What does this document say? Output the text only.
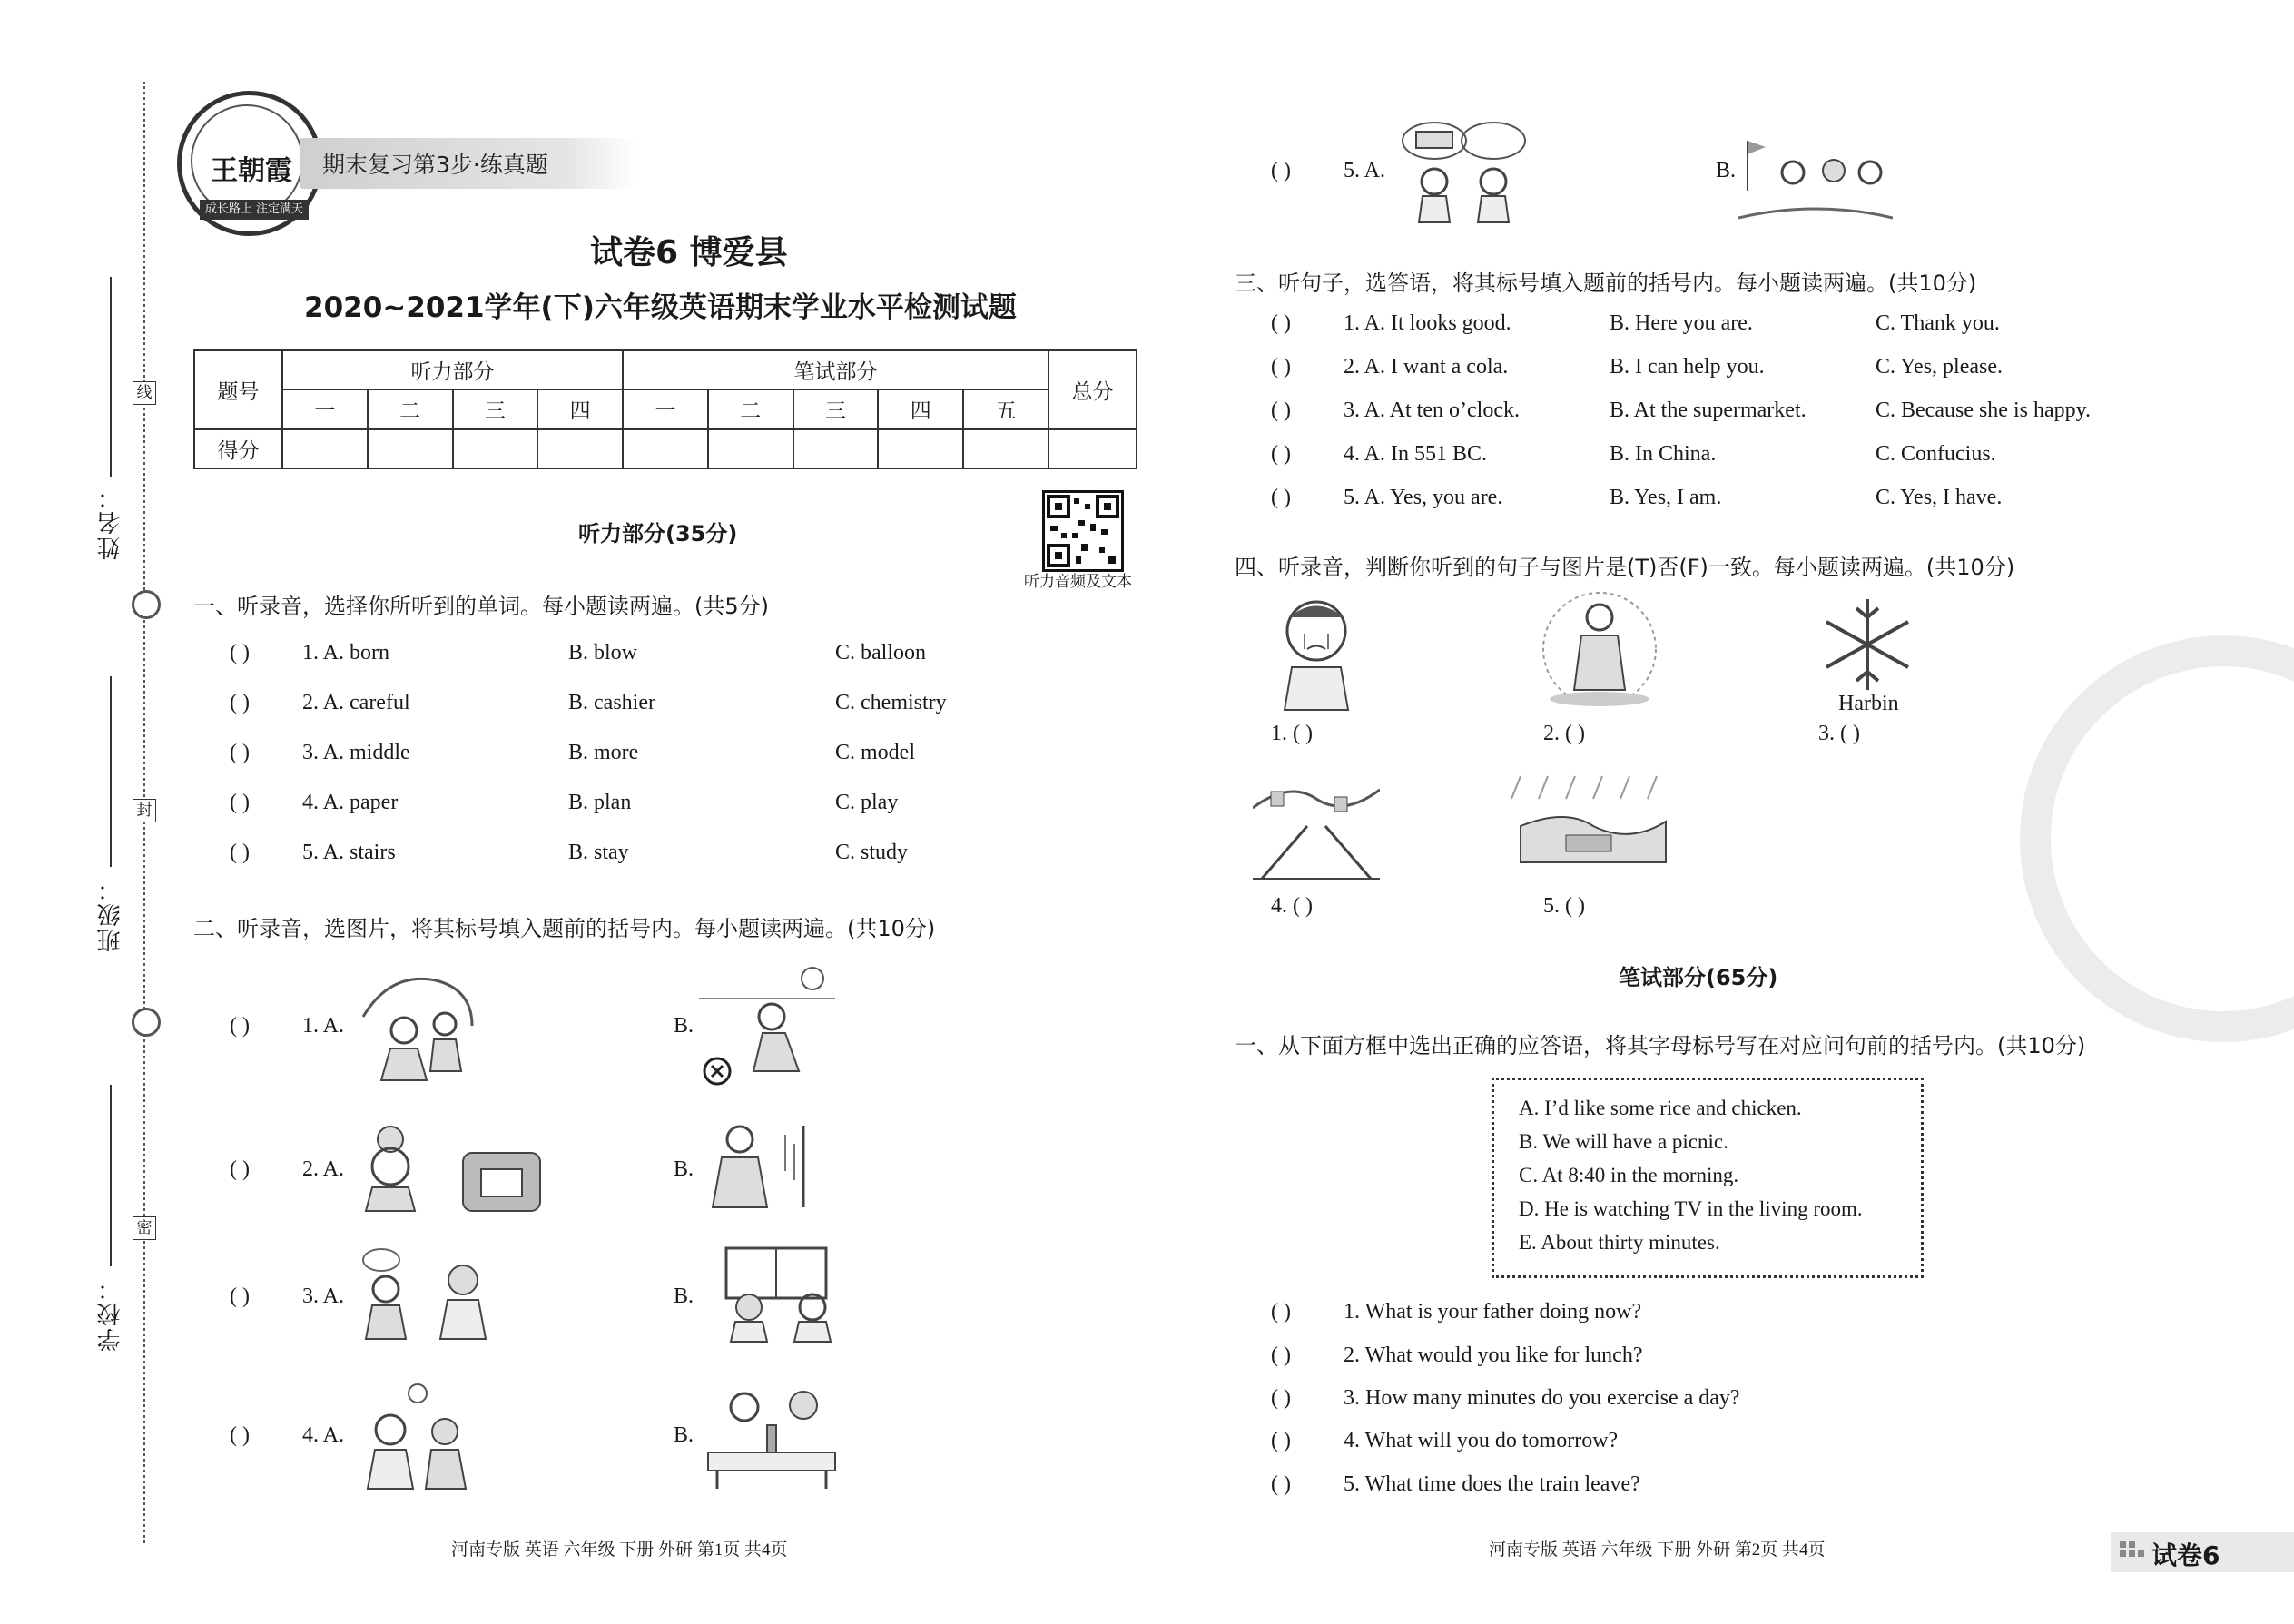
学校：
班级：
姓名：
线
封
密
王朝霞
成长路上 注定满天
期末复习第3步·练真题
试卷6 博爱县
2020~2021学年(下)六年级英语期末学业水平检测试题
题号	听力部分				笔试部分					总分
	一	二	三	四	一	二	三	四	五	
得分										
听力音频及文本
听力部分(35分)
一、听录音，选择你所听到的单词。每小题读两遍。(共5分)
( ) 1. A. born	B. blow	C. balloon
( ) 2. A. careful	B. cashier	C. chemistry
( ) 3. A. middle	B. more	C. model
( ) 4. A. paper	B. plan	C. play
( ) 5. A. stairs	B. stay	C. study
二、听录音，选图片，将其标号填入题前的括号内。每小题读两遍。(共10分)
( ) 1. A.	B.
( ) 2. A.	B.
( ) 3. A.	B.
( ) 4. A.	B.
( ) 5. A.	B.
三、听句子，选答语，将其标号填入题前的括号内。每小题读两遍。(共10分)
( ) 1. A. It looks good.	B. Here you are.	C. Thank you.
( ) 2. A. I want a cola.	B. I can help you.	C. Yes, please.
( ) 3. A. At ten o’clock.	B. At the supermarket.	C. Because she is happy.
( ) 4. A. In 551 BC.	B. In China.	C. Confucius.
( ) 5. A. Yes, you are.	B. Yes, I am.	C. Yes, I have.
四、听录音，判断你听到的句子与图片是(T)否(F)一致。每小题读两遍。(共10分)
Harbin
1. ( )	2. ( )	3. ( )
4. ( )	5. ( )
笔试部分(65分)
一、从下面方框中选出正确的应答语，将其字母标号写在对应问句前的括号内。(共10分)
A. I’d like some rice and chicken.
B. We will have a picnic.
C. At 8:40 in the morning.
D. He is watching TV in the living room.
E. About thirty minutes.
( ) 1. What is your father doing now?
( ) 2. What would you like for lunch?
( ) 3. How many minutes do you exercise a day?
( ) 4. What will you do tomorrow?
( ) 5. What time does the train leave?
河南专版 英语 六年级 下册 外研 第1页 共4页	河南专版 英语 六年级 下册 外研 第2页 共4页	试卷6
